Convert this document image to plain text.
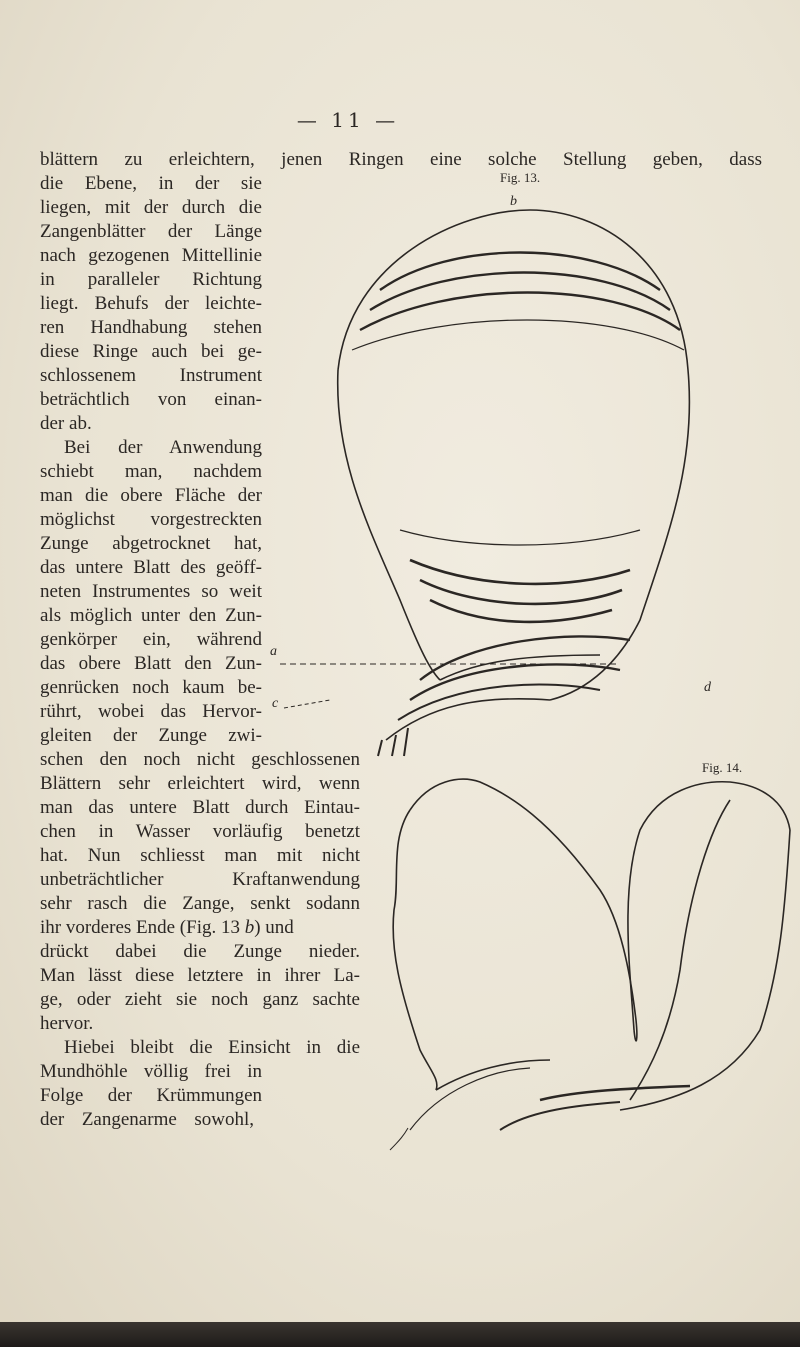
— 11 —
blättern zu erleichtern, jenen Ringen eine solche Stellung geben, dass
die Ebene, in der sie
liegen, mit der durch die
Zangenblätter der Länge
nach gezogenen Mittellinie
in paralleler Richtung
liegt. Behufs der leichte-
ren Handhabung stehen
diese Ringe auch bei ge-
schlossenem Instrument
beträchtlich von einan-
der ab.
Bei der Anwendung
schiebt man, nachdem
man die obere Fläche der
möglichst vorgestreckten
Zunge abgetrocknet hat,
das untere Blatt des geöff-
neten Instrumentes so weit
als möglich unter den Zun-
genkörper ein, während
das obere Blatt den Zun-
genrücken noch kaum be-
rührt, wobei das Hervor-
gleiten der Zunge zwi-
schen den noch nicht geschlossenen
Blättern sehr erleichtert wird, wenn
man das untere Blatt durch Eintau-
chen in Wasser vorläufig benetzt
hat. Nun schliesst man mit nicht
unbeträchtlicher Kraftanwendung
sehr rasch die Zange, senkt sodann
ihr vorderes Ende (Fig. 13 b) und
drückt dabei die Zunge nieder.
Man lässt diese letztere in ihrer La-
ge, oder zieht sie noch ganz sachte
hervor.
Hiebei bleibt die Einsicht in die
Mundhöhle völlig frei in
Folge der Krümmungen
der Zangenarme sowohl,
Fig. 13.
b
a
c
d
Fig. 14.
